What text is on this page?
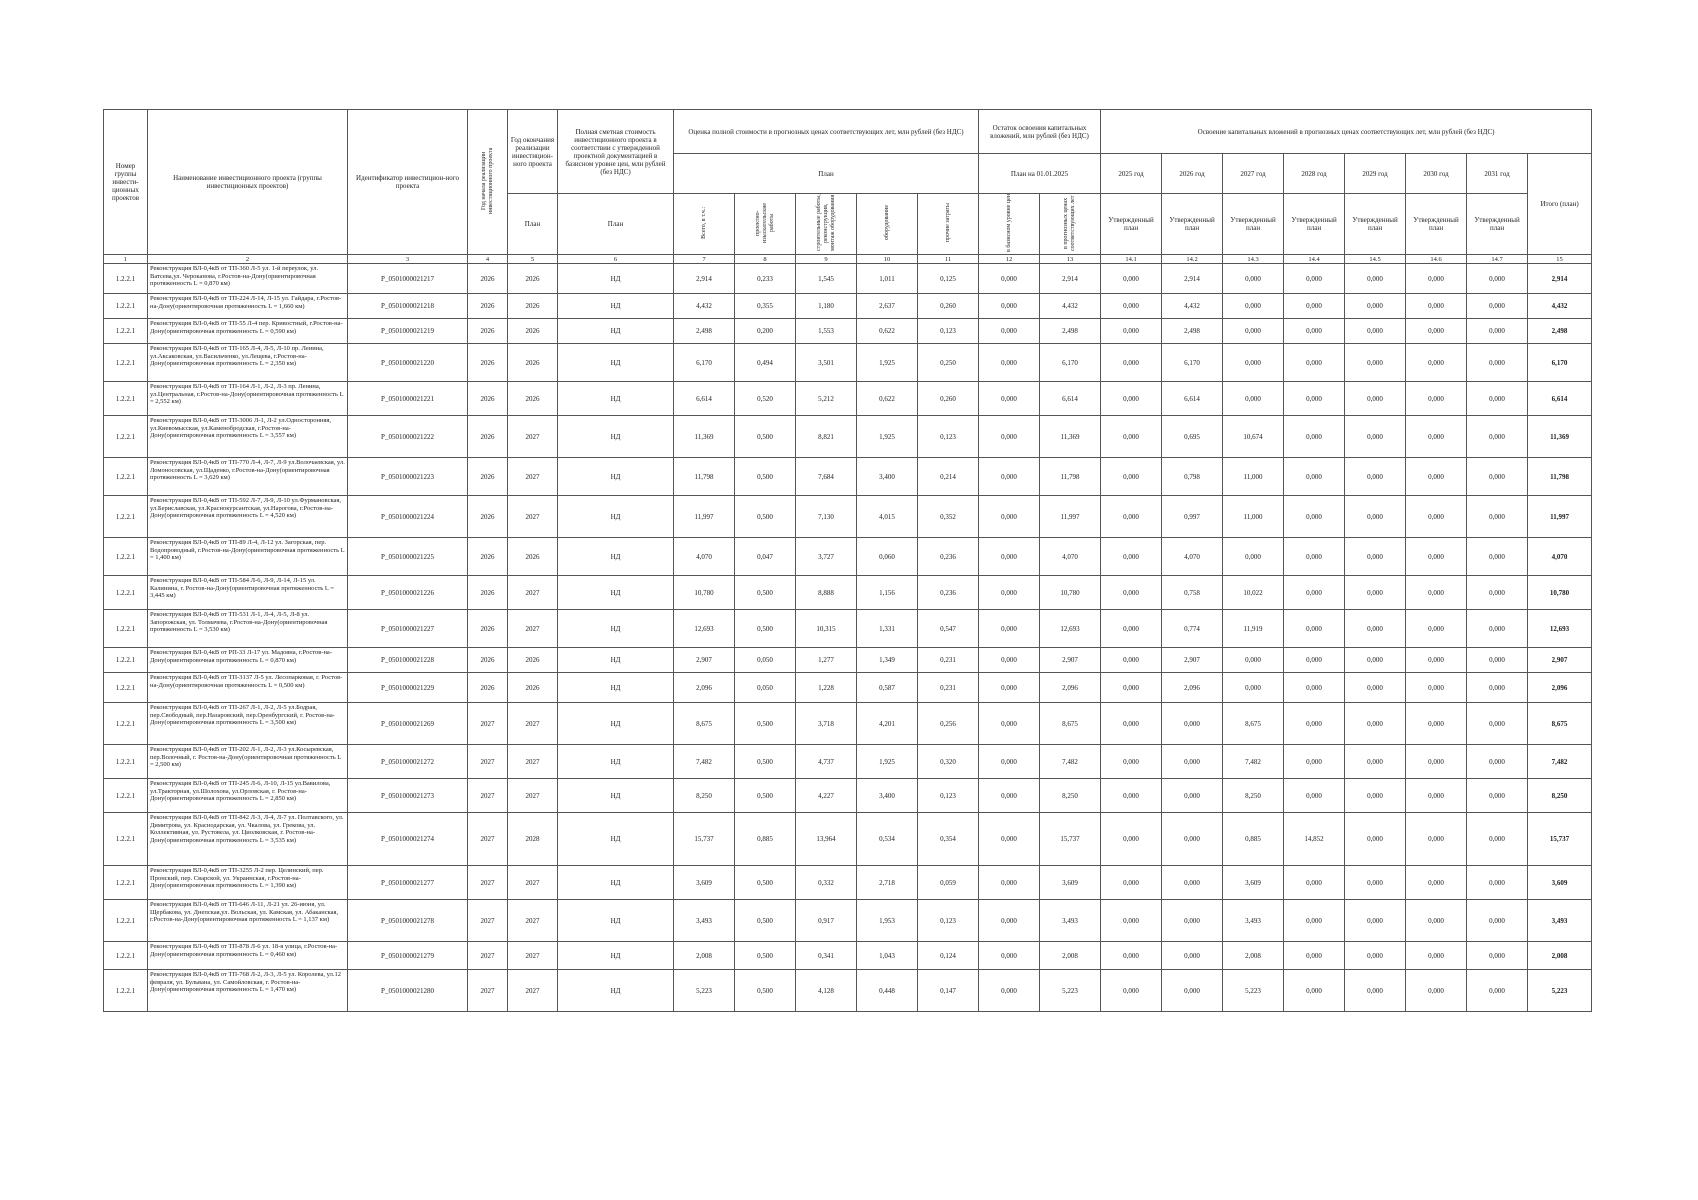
Номер группы инвести-ционных проектов	Наименование инвестиционного проекта (группы инвестиционных проектов)	Идентификатор инвестицион-ного проекта	Год начала реализации инвестиционного проекта	Год окончания реализации инвестицион-ного проекта	Полная сметная стоимость инвестиционного проекта в соответствии с утвержденной проектной документацией в базисном уровне цен, млн рублей (без НДС)	Оценка полной стоимости в прогнозных ценах соответствующих лет, млн рублей (без НДС)					Остаток освоения капитальных вложений, млн рублей (без НДС)		Освоение капитальных вложений в прогнозных ценах соответствующих лет, млн рублей (без НДС)							
						План					План на 01.01.2025		2025 год	2026 год	2027 год	2028 год	2029 год	2030 год	2031 год	Итого (план)
				План	План	Всего, в т.ч.:	проектно-изыскательские работы	строительные работы, реконструкция, монтаж оборудования	оборудование	прочие затраты	в базисном уровне цен	в прогнозных ценах соответствующих лет	Утвержденный план	Утвержденный план	Утвержденный план	Утвержденный план	Утвержденный план	Утвержденный план	Утвержденный план	
1	2	3	4	5	6	7	8	9	10	11	12	13	14.1	14.2	14.3	14.4	14.5	14.6	14.7	15
1.2.2.1	Реконструкция ВЛ-0,4кВ от ТП-360 Л-5 ул. 1-й переулок, ул. Ватсева,ул. Чероканова, г.Ростов-на-Дону(ориентировочная протяженность L = 0,870 км)	P_0501000021217	2026	2026	НД	2,914	0,233	1,545	1,011	0,125	0,000	2,914	0,000	2,914	0,000	0,000	0,000	0,000	0,000	2,914
1.2.2.1	Реконструкция ВЛ-0,4кВ от ТП-224 Л-14, Л-15 ул. Гайдара, г.Ростов-на-Дону(ориентировочная протяженность L = 1,660 км)	P_0501000021218	2026	2026	НД	4,432	0,355	1,180	2,637	0,260	0,000	4,432	0,000	4,432	0,000	0,000	0,000	0,000	0,000	4,432
1.2.2.1	Реконструкция ВЛ-0,4кВ от ТП-55 Л-4 пер. Кривостный, г.Ростов-на-Дону(ориентировочная протяженность L = 0,590 км)	P_0501000021219	2026	2026	НД	2,498	0,200	1,553	0,622	0,123	0,000	2,498	0,000	2,498	0,000	0,000	0,000	0,000	0,000	2,498
1.2.2.1	Реконструкция ВЛ-0,4кВ от ТП-165 Л-4, Л-5, Л-10 пр. Ленина, ул.Аксаковская, ул.Васильченко, ул.Лещева, г.Ростов-на-Дону(ориентировочная протяженность L = 2,350 км)	P_0501000021220	2026	2026	НД	6,170	0,494	3,501	1,925	0,250	0,000	6,170	0,000	6,170	0,000	0,000	0,000	0,000	0,000	6,170
1.2.2.1	Реконструкция ВЛ-0,4кВ от ТП-164 Л-1, Л-2, Л-3 пр. Ленина, ул.Центральная, г.Ростов-на-Дону(ориентировочная протяженность L = 2,552 км)	P_0501000021221	2026	2026	НД	6,614	0,520	5,212	0,622	0,260	0,000	6,614	0,000	6,614	0,000	0,000	0,000	0,000	0,000	6,614
1.2.2.1	Реконструкция ВЛ-0,4кВ от ТП-3006 Л-1, Л-2 ул.Односторонняя, ул.Киевомысская, ул.Каменобродская, г.Ростов-на-Дону(ориентировочная протяженность L = 3,557 км)	P_0501000021222	2026	2027	НД	11,369	0,500	8,821	1,925	0,123	0,000	11,369	0,000	0,695	10,674	0,000	0,000	0,000	0,000	11,369
1.2.2.1	Реконструкция ВЛ-0,4кВ от ТП-770 Л-4, Л-7, Л-9 ул.Волочаевская, ул. Ломоносовская, ул.Щаденко, г.Ростов-на-Дону(ориентировочная протяженность L = 3,629 км)	P_0501000021223	2026	2027	НД	11,798	0,500	7,684	3,400	0,214	0,000	11,798	0,000	0,798	11,000	0,000	0,000	0,000	0,000	11,798
1.2.2.1	Реконструкция ВЛ-0,4кВ от ТП-592 Л-7, Л-9, Л-10 ул.Фурмановская, ул.Бериславская, ул.Краснокурсантская, ул.Нарогова, г.Ростов-на-Дону(ориентировочная протяженность L = 4,520 км)	P_0501000021224	2026	2027	НД	11,997	0,500	7,130	4,015	0,352	0,000	11,997	0,000	0,997	11,000	0,000	0,000	0,000	0,000	11,997
1.2.2.1	Реконструкция ВЛ-0,4кВ от ТП-89 Л-4, Л-12 ул. Загорская, пер. Водопроводный, г.Ростов-на-Дону(ориентировочная протяженность L = 1,400 км)	P_0501000021225	2026	2026	НД	4,070	0,047	3,727	0,060	0,236	0,000	4,070	0,000	4,070	0,000	0,000	0,000	0,000	0,000	4,070
1.2.2.1	Реконструкция ВЛ-0,4кВ от ТП-584 Л-6, Л-9, Л-14, Л-15 ул. Калинина, г. Ростов-на-Дону(ориентировочная протяженность L = 3,445 км)	P_0501000021226	2026	2027	НД	10,780	0,500	8,888	1,156	0,236	0,000	10,780	0,000	0,758	10,022	0,000	0,000	0,000	0,000	10,780
1.2.2.1	Реконструкция ВЛ-0,4кВ от ТП-531 Л-1, Л-4, Л-5, Л-8 ул. Запорожская, ул. Толмачева, г.Ростов-на-Дону(ориентировочная протяженность L = 3,530 км)	P_0501000021227	2026	2027	НД	12,693	0,500	10,315	1,331	0,547	0,000	12,693	0,000	0,774	11,919	0,000	0,000	0,000	0,000	12,693
1.2.2.1	Реконструкция ВЛ-0,4кВ от РП-33 Л-17 ул. Мадояна, г.Ростов-на-Дону(ориентировочная протяженность L = 0,870 км)	P_0501000021228	2026	2026	НД	2,907	0,050	1,277	1,349	0,231	0,000	2,907	0,000	2,907	0,000	0,000	0,000	0,000	0,000	2,907
1.2.2.1	Реконструкция ВЛ-0,4кВ от ТП-3137 Л-5 ул. Лесопарковая, г. Ростов-на-Дону(ориентировочная протяженность L = 0,500 км)	P_0501000021229	2026	2026	НД	2,096	0,050	1,228	0,587	0,231	0,000	2,096	0,000	2,096	0,000	0,000	0,000	0,000	0,000	2,096
1.2.2.1	Реконструкция ВЛ-0,4кВ от ТП-267 Л-1, Л-2, Л-5 ул.Бодрая, пер.Свободный, пер.Назаровский, пер.Оренбургский, г. Ростов-на-Дону(ориентировочная протяженность L = 3,500 км)	P_0501000021269	2027	2027	НД	8,675	0,500	3,718	4,201	0,256	0,000	8,675	0,000	0,000	8,675	0,000	0,000	0,000	0,000	8,675
1.2.2.1	Реконструкция ВЛ-0,4кВ от ТП-202 Л-1, Л-2, Л-3 ул.Косыревская, пер.Волочный, г. Ростов-на-Дону(ориентировочная протяженность L = 2,500 км)	P_0501000021272	2027	2027	НД	7,482	0,500	4,737	1,925	0,320	0,000	7,482	0,000	0,000	7,482	0,000	0,000	0,000	0,000	7,482
1.2.2.1	Реконструкция ВЛ-0,4кВ от ТП-245 Л-6, Л-10, Л-15 ул.Вавилова, ул.Тракторная, ул.Шолохова, ул.Орловская, г. Ростов-на-Дону(ориентировочная протяженность L = 2,850 км)	P_0501000021273	2027	2027	НД	8,250	0,500	4,227	3,400	0,123	0,000	8,250	0,000	0,000	8,250	0,000	0,000	0,000	0,000	8,250
1.2.2.1	Реконструкция ВЛ-0,4кВ от ТП-842 Л-3, Л-4, Л-7 ул. Полтавского, ул. Димитрова, ул. Краснодарская, ул. Чкалова, ул. Грекова, ул. Коллективная, ул. Рустовела, ул. Циолковская, г. Ростов-на-Дону(ориентировочная протяженность L = 3,535 км)	P_0501000021274	2027	2028	НД	15,737	0,885	13,964	0,534	0,354	0,000	15,737	0,000	0,000	0,885	14,852	0,000	0,000	0,000	15,737
1.2.2.1	Реконструкция ВЛ-0,4кВ от ТП-3255 Л-2 пер. Целинский, пер. Пронский, пер. Сварской, ул. Украинская, г.Ростов-на-Дону(ориентировочная протяженность L = 1,390 км)	P_0501000021277	2027	2027	НД	3,609	0,500	0,332	2,718	0,059	0,000	3,609	0,000	0,000	3,609	0,000	0,000	0,000	0,000	3,609
1.2.2.1	Реконструкция ВЛ-0,4кВ от ТП-646 Л-11, Л-21 ул. 26-июня, ул. Щербакова, ул. Днепская,ул. Вольская, ул. Камская, ул. Абаканская, г.Ростов-на-Дону(ориентировочная протяженность L = 1,137 км)	P_0501000021278	2027	2027	НД	3,493	0,500	0,917	1,953	0,123	0,000	3,493	0,000	0,000	3,493	0,000	0,000	0,000	0,000	3,493
1.2.2.1	Реконструкция ВЛ-0,4кВ от ТП-878 Л-6 ул. 18-я улица, г.Ростов-на-Дону(ориентировочная протяженность L = 0,460 км)	P_0501000021279	2027	2027	НД	2,008	0,500	0,341	1,043	0,124	0,000	2,008	0,000	0,000	2,008	0,000	0,000	0,000	0,000	2,008
1.2.2.1	Реконструкция ВЛ-0,4кВ от ТП-768 Л-2, Л-3, Л-5 ул. Королева, ул.12 февраля, ул. Бульвана, ул. Самойловская, г. Ростов-на-Дону(ориентировочная протяженность L = 1,470 км)	P_0501000021280	2027	2027	НД	5,223	0,500	4,128	0,448	0,147	0,000	5,223	0,000	0,000	5,223	0,000	0,000	0,000	0,000	5,223
